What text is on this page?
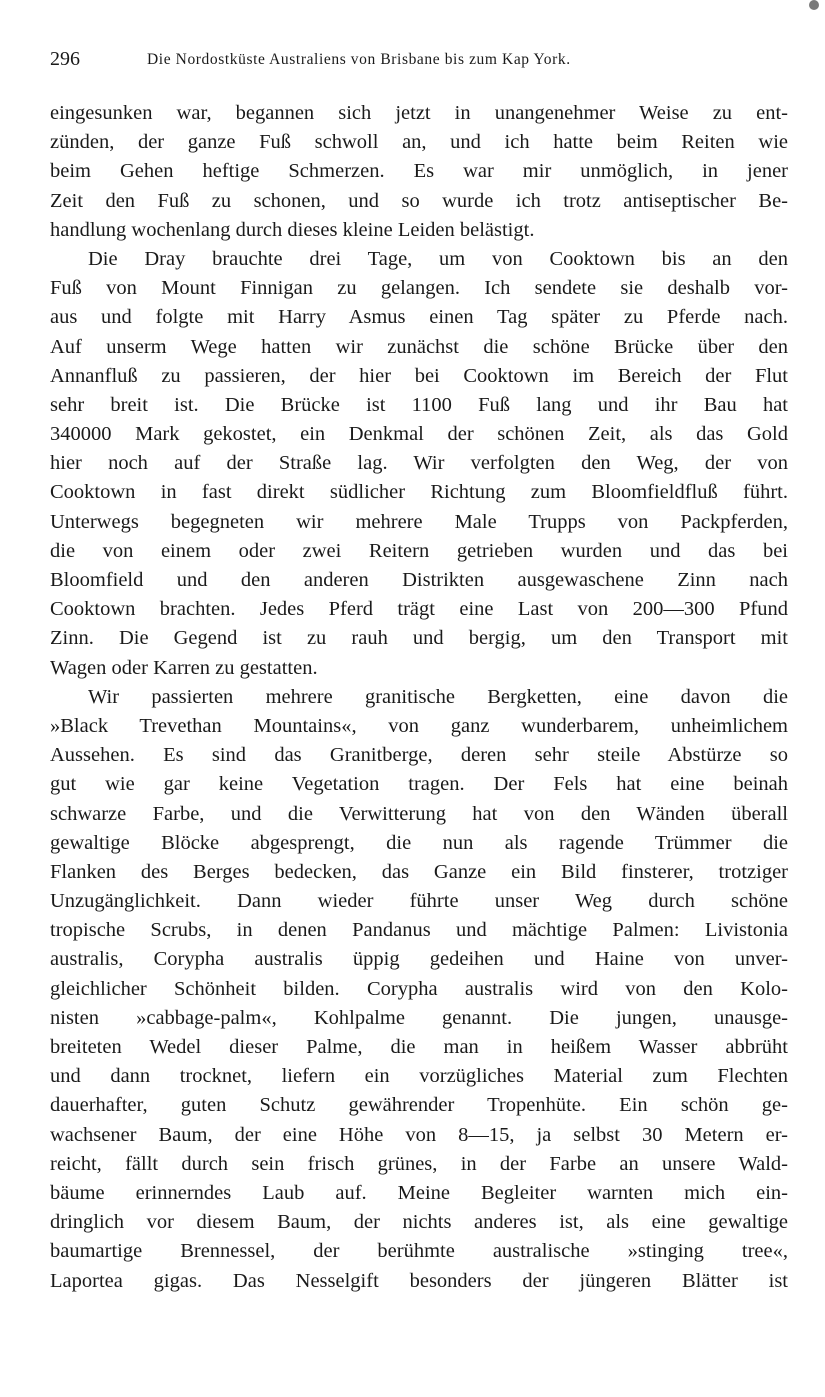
296	Die Nordostküste Australiens von Brisbane bis zum Kap York.
eingesunken war, begannen sich jetzt in unangenehmer Weise zu ent-
zünden, der ganze Fuß schwoll an, und ich hatte beim Reiten wie
beim Gehen heftige Schmerzen. Es war mir unmöglich, in jener
Zeit den Fuß zu schonen, und so wurde ich trotz antiseptischer Be-
handlung wochenlang durch dieses kleine Leiden belästigt.
Die Dray brauchte drei Tage, um von Cooktown bis an den
Fuß von Mount Finnigan zu gelangen. Ich sendete sie deshalb vor-
aus und folgte mit Harry Asmus einen Tag später zu Pferde nach.
Auf unserm Wege hatten wir zunächst die schöne Brücke über den
Annanfluß zu passieren, der hier bei Cooktown im Bereich der Flut
sehr breit ist. Die Brücke ist 1100 Fuß lang und ihr Bau hat
340000 Mark gekostet, ein Denkmal der schönen Zeit, als das Gold
hier noch auf der Straße lag. Wir verfolgten den Weg, der von
Cooktown in fast direkt südlicher Richtung zum Bloomfieldfluß führt.
Unterwegs begegneten wir mehrere Male Trupps von Packpferden,
die von einem oder zwei Reitern getrieben wurden und das bei
Bloomfield und den anderen Distrikten ausgewaschene Zinn nach
Cooktown brachten. Jedes Pferd trägt eine Last von 200—300 Pfund
Zinn. Die Gegend ist zu rauh und bergig, um den Transport mit
Wagen oder Karren zu gestatten.
Wir passierten mehrere granitische Bergketten, eine davon die
»Black Trevethan Mountains«, von ganz wunderbarem, unheimlichem
Aussehen. Es sind das Granitberge, deren sehr steile Abstürze so
gut wie gar keine Vegetation tragen. Der Fels hat eine beinah
schwarze Farbe, und die Verwitterung hat von den Wänden überall
gewaltige Blöcke abgesprengt, die nun als ragende Trümmer die
Flanken des Berges bedecken, das Ganze ein Bild finsterer, trotziger
Unzugänglichkeit. Dann wieder führte unser Weg durch schöne
tropische Scrubs, in denen Pandanus und mächtige Palmen: Livistonia
australis, Corypha australis üppig gedeihen und Haine von unver-
gleichlicher Schönheit bilden. Corypha australis wird von den Kolo-
nisten »cabbage-palm«, Kohlpalme genannt. Die jungen, unausge-
breiteten Wedel dieser Palme, die man in heißem Wasser abbrüht
und dann trocknet, liefern ein vorzügliches Material zum Flechten
dauerhafter, guten Schutz gewährender Tropenhüte. Ein schön ge-
wachsener Baum, der eine Höhe von 8—15, ja selbst 30 Metern er-
reicht, fällt durch sein frisch grünes, in der Farbe an unsere Wald-
bäume erinnerndes Laub auf. Meine Begleiter warnten mich ein-
dringlich vor diesem Baum, der nichts anderes ist, als eine gewaltige
baumartige Brennessel, der berühmte australische »stinging tree«,
Laportea gigas. Das Nesselgift besonders der jüngeren Blätter ist
